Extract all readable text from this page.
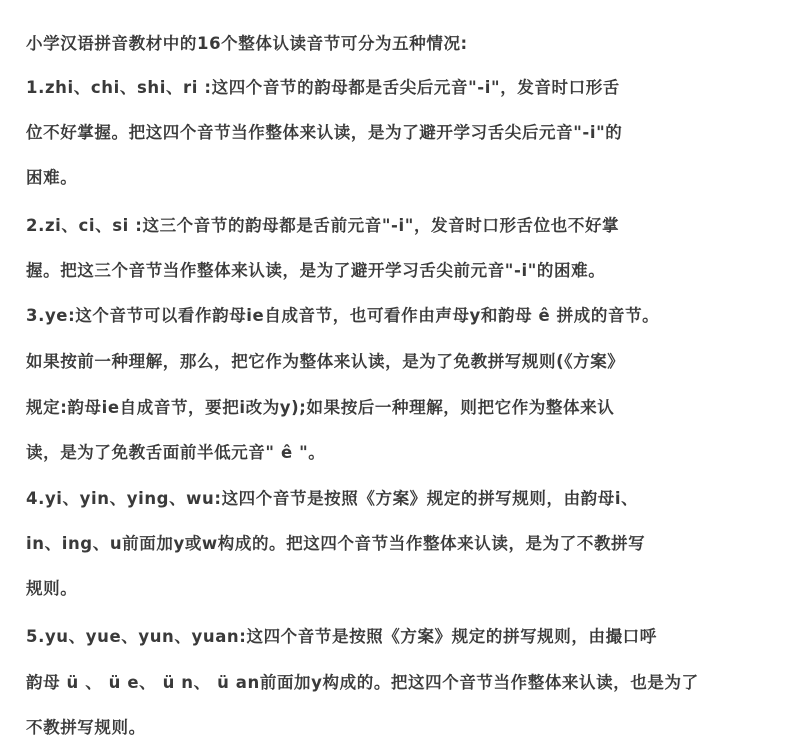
小学汉语拼音教材中的16个整体认读音节可分为五种情况:
1.zhi、chi、shi、ri :这四个音节的韵母都是舌尖后元音"-i"，发音时口形舌
位不好掌握。把这四个音节当作整体来认读，是为了避开学习舌尖后元音"-i"的
困难。
2.zi、ci、si :这三个音节的韵母都是舌前元音"-i"，发音时口形舌位也不好掌
握。把这三个音节当作整体来认读，是为了避开学习舌尖前元音"-i"的困难。
3.ye:这个音节可以看作韵母ie自成音节，也可看作由声母y和韵母 ê 拼成的音节。
如果按前一种理解，那么，把它作为整体来认读，是为了免教拼写规则(《方案》
规定:韵母ie自成音节，要把i改为y);如果按后一种理解，则把它作为整体来认
读，是为了免教舌面前半低元音" ê "。
4.yi、yin、ying、wu:这四个音节是按照《方案》规定的拼写规则，由韵母i、
in、ing、u前面加y或w构成的。把这四个音节当作整体来认读，是为了不教拼写
规则。
5.yu、yue、yun、yuan:这四个音节是按照《方案》规定的拼写规则，由撮口呼
韵母 ü 、 ü e、 ü n、 ü an前面加y构成的。把这四个音节当作整体来认读，也是为了
不教拼写规则。
